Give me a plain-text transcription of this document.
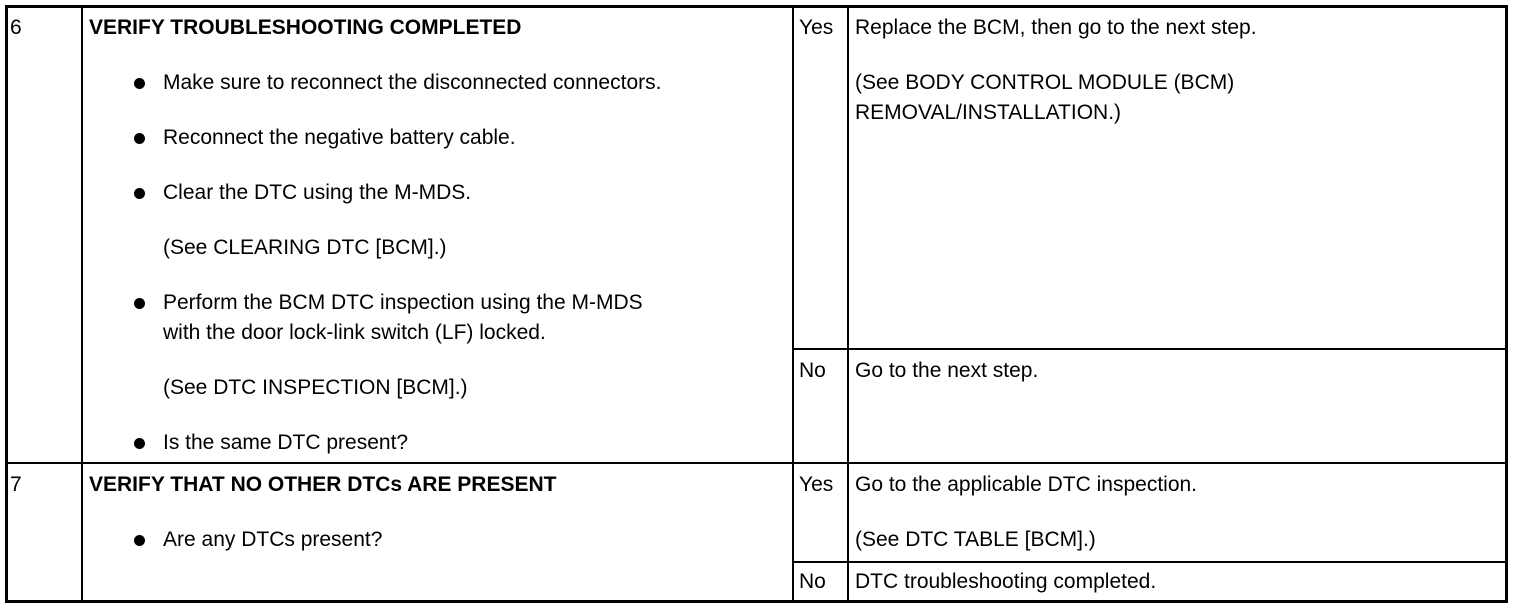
6	VERIFY TROUBLESHOOTING COMPLETED
Make sure to reconnect the disconnected connectors.
Reconnect the negative battery cable.
Clear the DTC using the M-MDS.
(See CLEARING DTC [BCM].)
Perform the BCM DTC inspection using the M-MDS
with the door lock-link switch (LF) locked.
(See DTC INSPECTION [BCM].)
Is the same DTC present?
Yes Replace the BCM, then go to the next step.
(See BODY CONTROL MODULE (BCM)
REMOVAL/INSTALLATION.)
No Go to the next step.
7	VERIFY THAT NO OTHER DTCs ARE PRESENT
Are any DTCs present?
Yes Go to the applicable DTC inspection.
(See DTC TABLE [BCM].)
No DTC troubleshooting completed.
